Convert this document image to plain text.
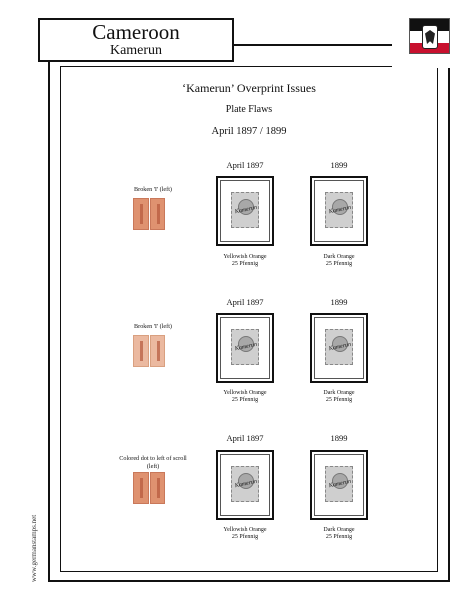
Cameroon
Kamerun
‘Kamerun’ Overprint Issues
Plate Flaws
April 1897 / 1899
April 1897	1899
Broken 'I' (left)
Kamerun	Kamerun
Yellowish Orange
25 Pfennig
Dark Orange
25 Pfennig
April 1897	1899
Broken 'I' (left)
Kamerun	Kamerun
Yellowish Orange
25 Pfennig
Dark Orange
25 Pfennig
April 1897	1899
Colored dot to left of scroll (left)
Kamerun	Kamerun
Yellowish Orange
25 Pfennig
Dark Orange
25 Pfennig
www.germanstamps.net
